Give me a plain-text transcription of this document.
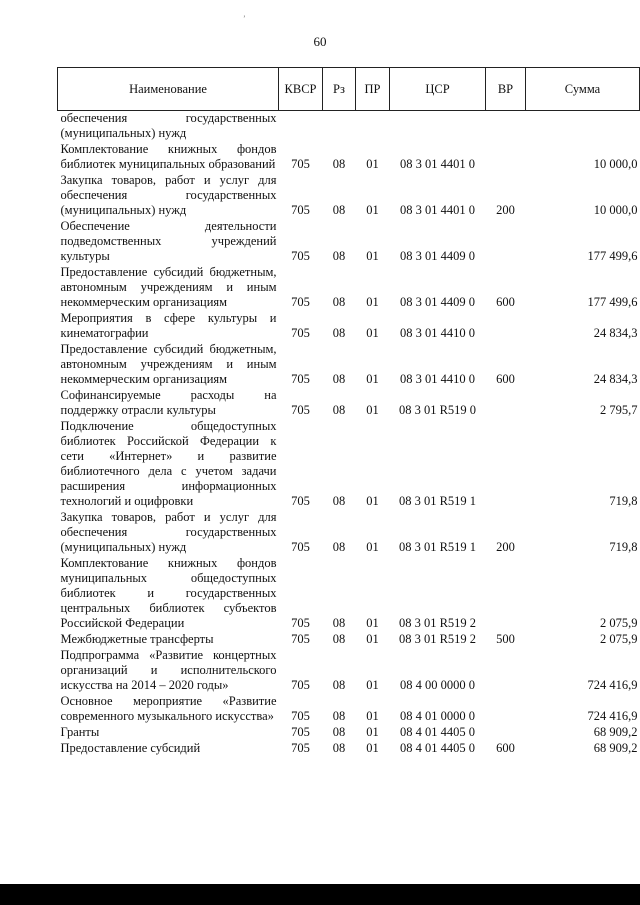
ʼ
60
Наименование	КВСР	Рз	ПР	ЦСР	ВР	Сумма
обеспечения государственных (муниципальных) нужд						
Комплектование книжных фондов библиотек муниципальных образований	705	08	01	08 3 01 4401 0		10 000,0
Закупка товаров, работ и услуг для обеспечения государственных (муниципальных) нужд	705	08	01	08 3 01 4401 0	200	10 000,0
Обеспечение деятельности подведомственных учреждений культуры	705	08	01	08 3 01 4409 0		177 499,6
Предоставление субсидий бюджетным, автономным учреждениям и иным некоммерческим организациям	705	08	01	08 3 01 4409 0	600	177 499,6
Мероприятия в сфере культуры и кинематографии	705	08	01	08 3 01 4410 0		24 834,3
Предоставление субсидий бюджетным, автономным учреждениям и иным некоммерческим организациям	705	08	01	08 3 01 4410 0	600	24 834,3
Софинансируемые расходы на поддержку отрасли культуры	705	08	01	08 3 01 R519 0		2 795,7
Подключение общедоступных библиотек Российской Федерации к сети «Интернет» и развитие библиотечного дела с учетом задачи расширения информационных технологий и оцифровки	705	08	01	08 3 01 R519 1		719,8
Закупка товаров, работ и услуг для обеспечения государственных (муниципальных) нужд	705	08	01	08 3 01 R519 1	200	719,8
Комплектование книжных фондов муниципальных общедоступных библиотек и государственных центральных библиотек субъектов Российской Федерации	705	08	01	08 3 01 R519 2		2 075,9
Межбюджетные трансферты	705	08	01	08 3 01 R519 2	500	2 075,9
Подпрограмма «Развитие концертных организаций и исполнительского искусства на 2014 – 2020 годы»	705	08	01	08 4 00 0000 0		724 416,9
Основное мероприятие «Развитие современного музыкального искусства»	705	08	01	08 4 01 0000 0		724 416,9
Гранты	705	08	01	08 4 01 4405 0		68 909,2
Предоставление субсидий	705	08	01	08 4 01 4405 0	600	68 909,2
